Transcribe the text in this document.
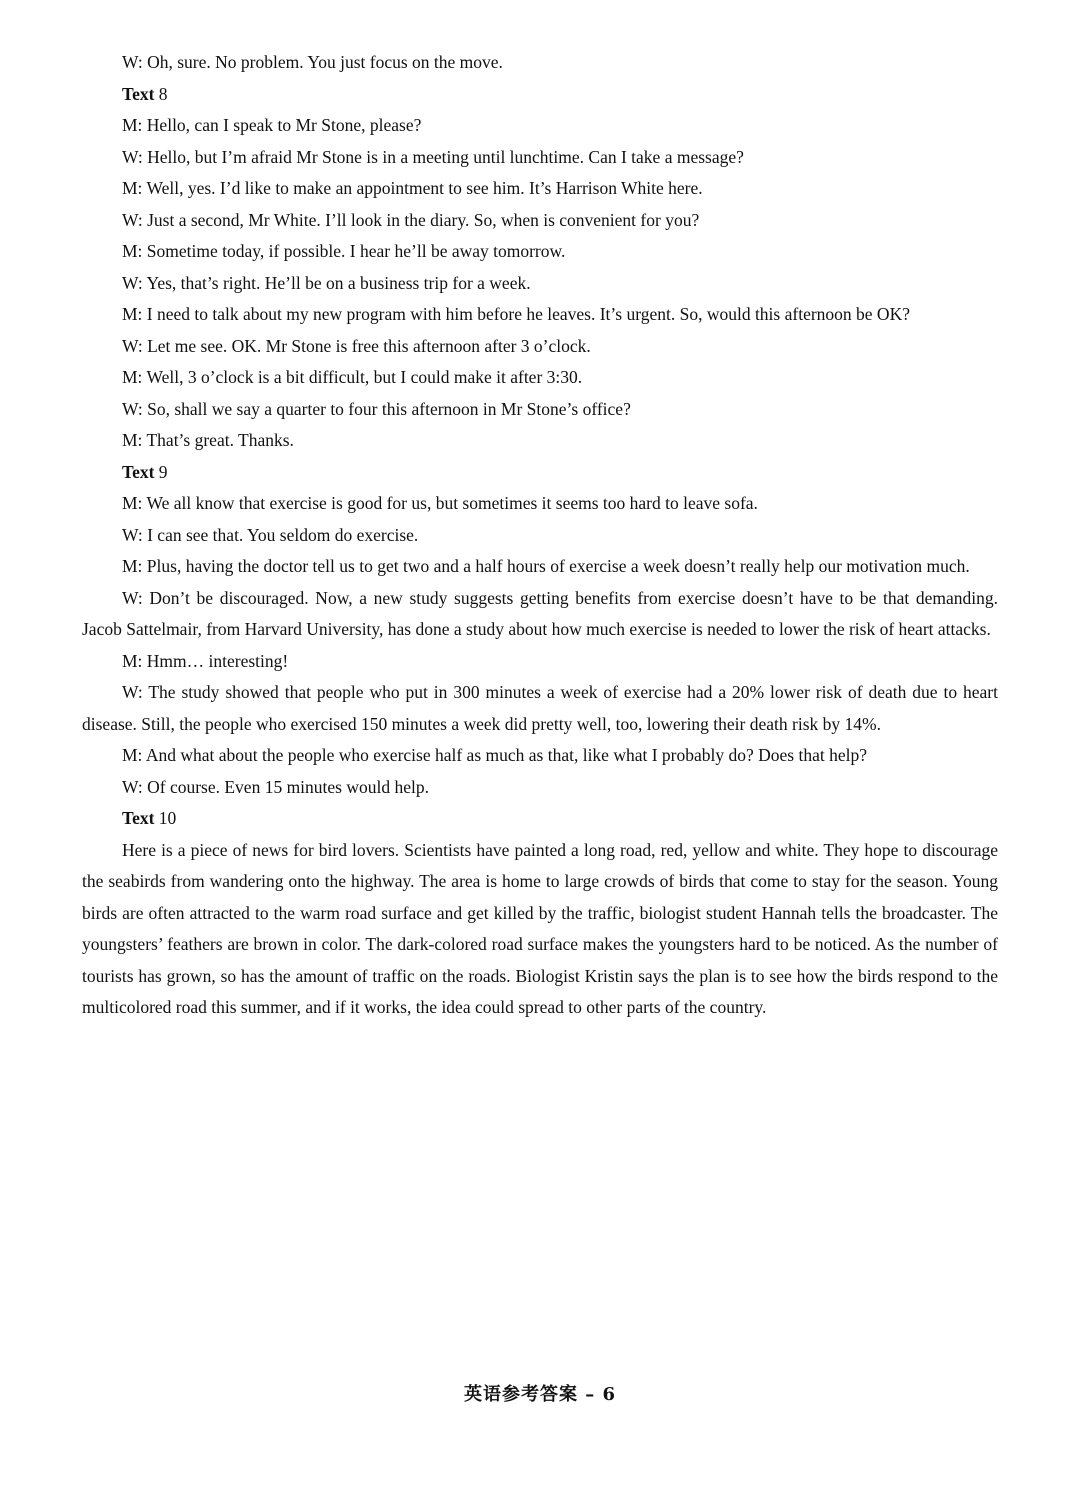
W: Oh, sure. No problem. You just focus on the move.

Text 8

M: Hello, can I speak to Mr Stone, please?

W: Hello, but I’m afraid Mr Stone is in a meeting until lunchtime. Can I take a message?

M: Well, yes. I’d like to make an appointment to see him. It’s Harrison White here.

W: Just a second, Mr White. I’ll look in the diary. So, when is convenient for you?

M: Sometime today, if possible. I hear he’ll be away tomorrow.

W: Yes, that’s right. He’ll be on a business trip for a week.

M: I need to talk about my new program with him before he leaves. It’s urgent. So, would this afternoon be OK?

W: Let me see. OK. Mr Stone is free this afternoon after 3 o’clock.

M: Well, 3 o’clock is a bit difficult, but I could make it after 3:30.

W: So, shall we say a quarter to four this afternoon in Mr Stone’s office?

M: That’s great. Thanks.

Text 9

M: We all know that exercise is good for us, but sometimes it seems too hard to leave sofa.

W: I can see that. You seldom do exercise.

M: Plus, having the doctor tell us to get two and a half hours of exercise a week doesn’t really help our motivation much.

W: Don’t be discouraged. Now, a new study suggests getting benefits from exercise doesn’t have to be that demanding. Jacob Sattelmair, from Harvard University, has done a study about how much exercise is needed to lower the risk of heart attacks.

M: Hmm… interesting!

W: The study showed that people who put in 300 minutes a week of exercise had a 20% lower risk of death due to heart disease. Still, the people who exercised 150 minutes a week did pretty well, too, lowering their death risk by 14%.

M: And what about the people who exercise half as much as that, like what I probably do? Does that help?

W: Of course. Even 15 minutes would help.

Text 10

Here is a piece of news for bird lovers. Scientists have painted a long road, red, yellow and white. They hope to discourage the seabirds from wandering onto the highway. The area is home to large crowds of birds that come to stay for the season. Young birds are often attracted to the warm road surface and get killed by the traffic, biologist student Hannah tells the broadcaster. The youngsters’ feathers are brown in color. The dark-colored road surface makes the youngsters hard to be noticed. As the number of tourists has grown, so has the amount of traffic on the roads. Biologist Kristin says the plan is to see how the birds respond to the multicolored road this summer, and if it works, the idea could spread to other parts of the country.

英语参考答案 – 6
